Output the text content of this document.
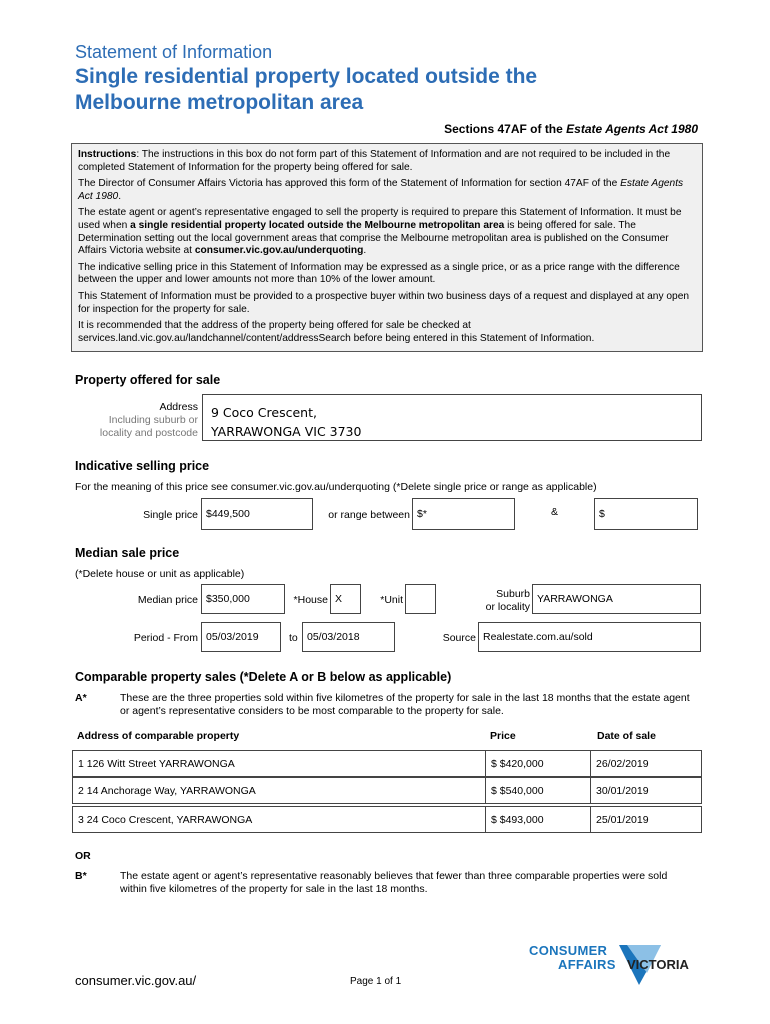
Statement of Information
Single residential property located outside the
Melbourne metropolitan area
Sections 47AF of the Estate Agents Act 1980

Instructions: The instructions in this box do not form part of this Statement of Information and are not required to be included in the completed Statement of Information for the property being offered for sale.

The Director of Consumer Affairs Victoria has approved this form of the Statement of Information for section 47AF of the Estate Agents Act 1980.

The estate agent or agent’s representative engaged to sell the property is required to prepare this Statement of Information. It must be used when a single residential property located outside the Melbourne metropolitan area is being offered for sale. The Determination setting out the local government areas that comprise the Melbourne metropolitan area is published on the Consumer Affairs Victoria website at consumer.vic.gov.au/underquoting.

The indicative selling price in this Statement of Information may be expressed as a single price, or as a price range with the difference between the upper and lower amounts not more than 10% of the lower amount.

This Statement of Information must be provided to a prospective buyer within two business days of a request and displayed at any open for inspection for the property for sale.

It is recommended that the address of the property being offered for sale be checked at services.land.vic.gov.au/landchannel/content/addressSearch before being entered in this Statement of Information.

Property offered for sale
Address
Including suburb or
locality and postcode
9 Coco Crescent,
YARRAWONGA VIC 3730
Indicative selling price
For the meaning of this price see consumer.vic.gov.au/underquoting (*Delete single price or range as applicable)
Single price $449,500	or range between $*	&	$
Median sale price
(*Delete house or unit as applicable)
Median price $350,000	*House X	*Unit	Suburb
or locality
YARRAWONGA
Period - From 05/03/2019	to 05/03/2018	Source Realestate.com.au/sold
Comparable property sales (*Delete A or B below as applicable)
A*	These are the three properties sold within five kilometres of the property for sale in the last 18 months that the estate agent or agent’s representative considers to be most comparable to the property for sale.
Address of comparable property	Price	Date of sale
1 126 Witt Street YARRAWONGA	$ $420,000	26/02/2019
2 14 Anchorage Way, YARRAWONGA	$ $540,000	30/01/2019
3 24 Coco Crescent, YARRAWONGA	$ $493,000	25/01/2019
OR
B*	The estate agent or agent’s representative reasonably believes that fewer than three comparable properties were sold within five kilometres of the property for sale in the last 18 months.
consumer.vic.gov.au/	Page 1 of 1
CONSUMER
AFFAIRS VICTORIA
